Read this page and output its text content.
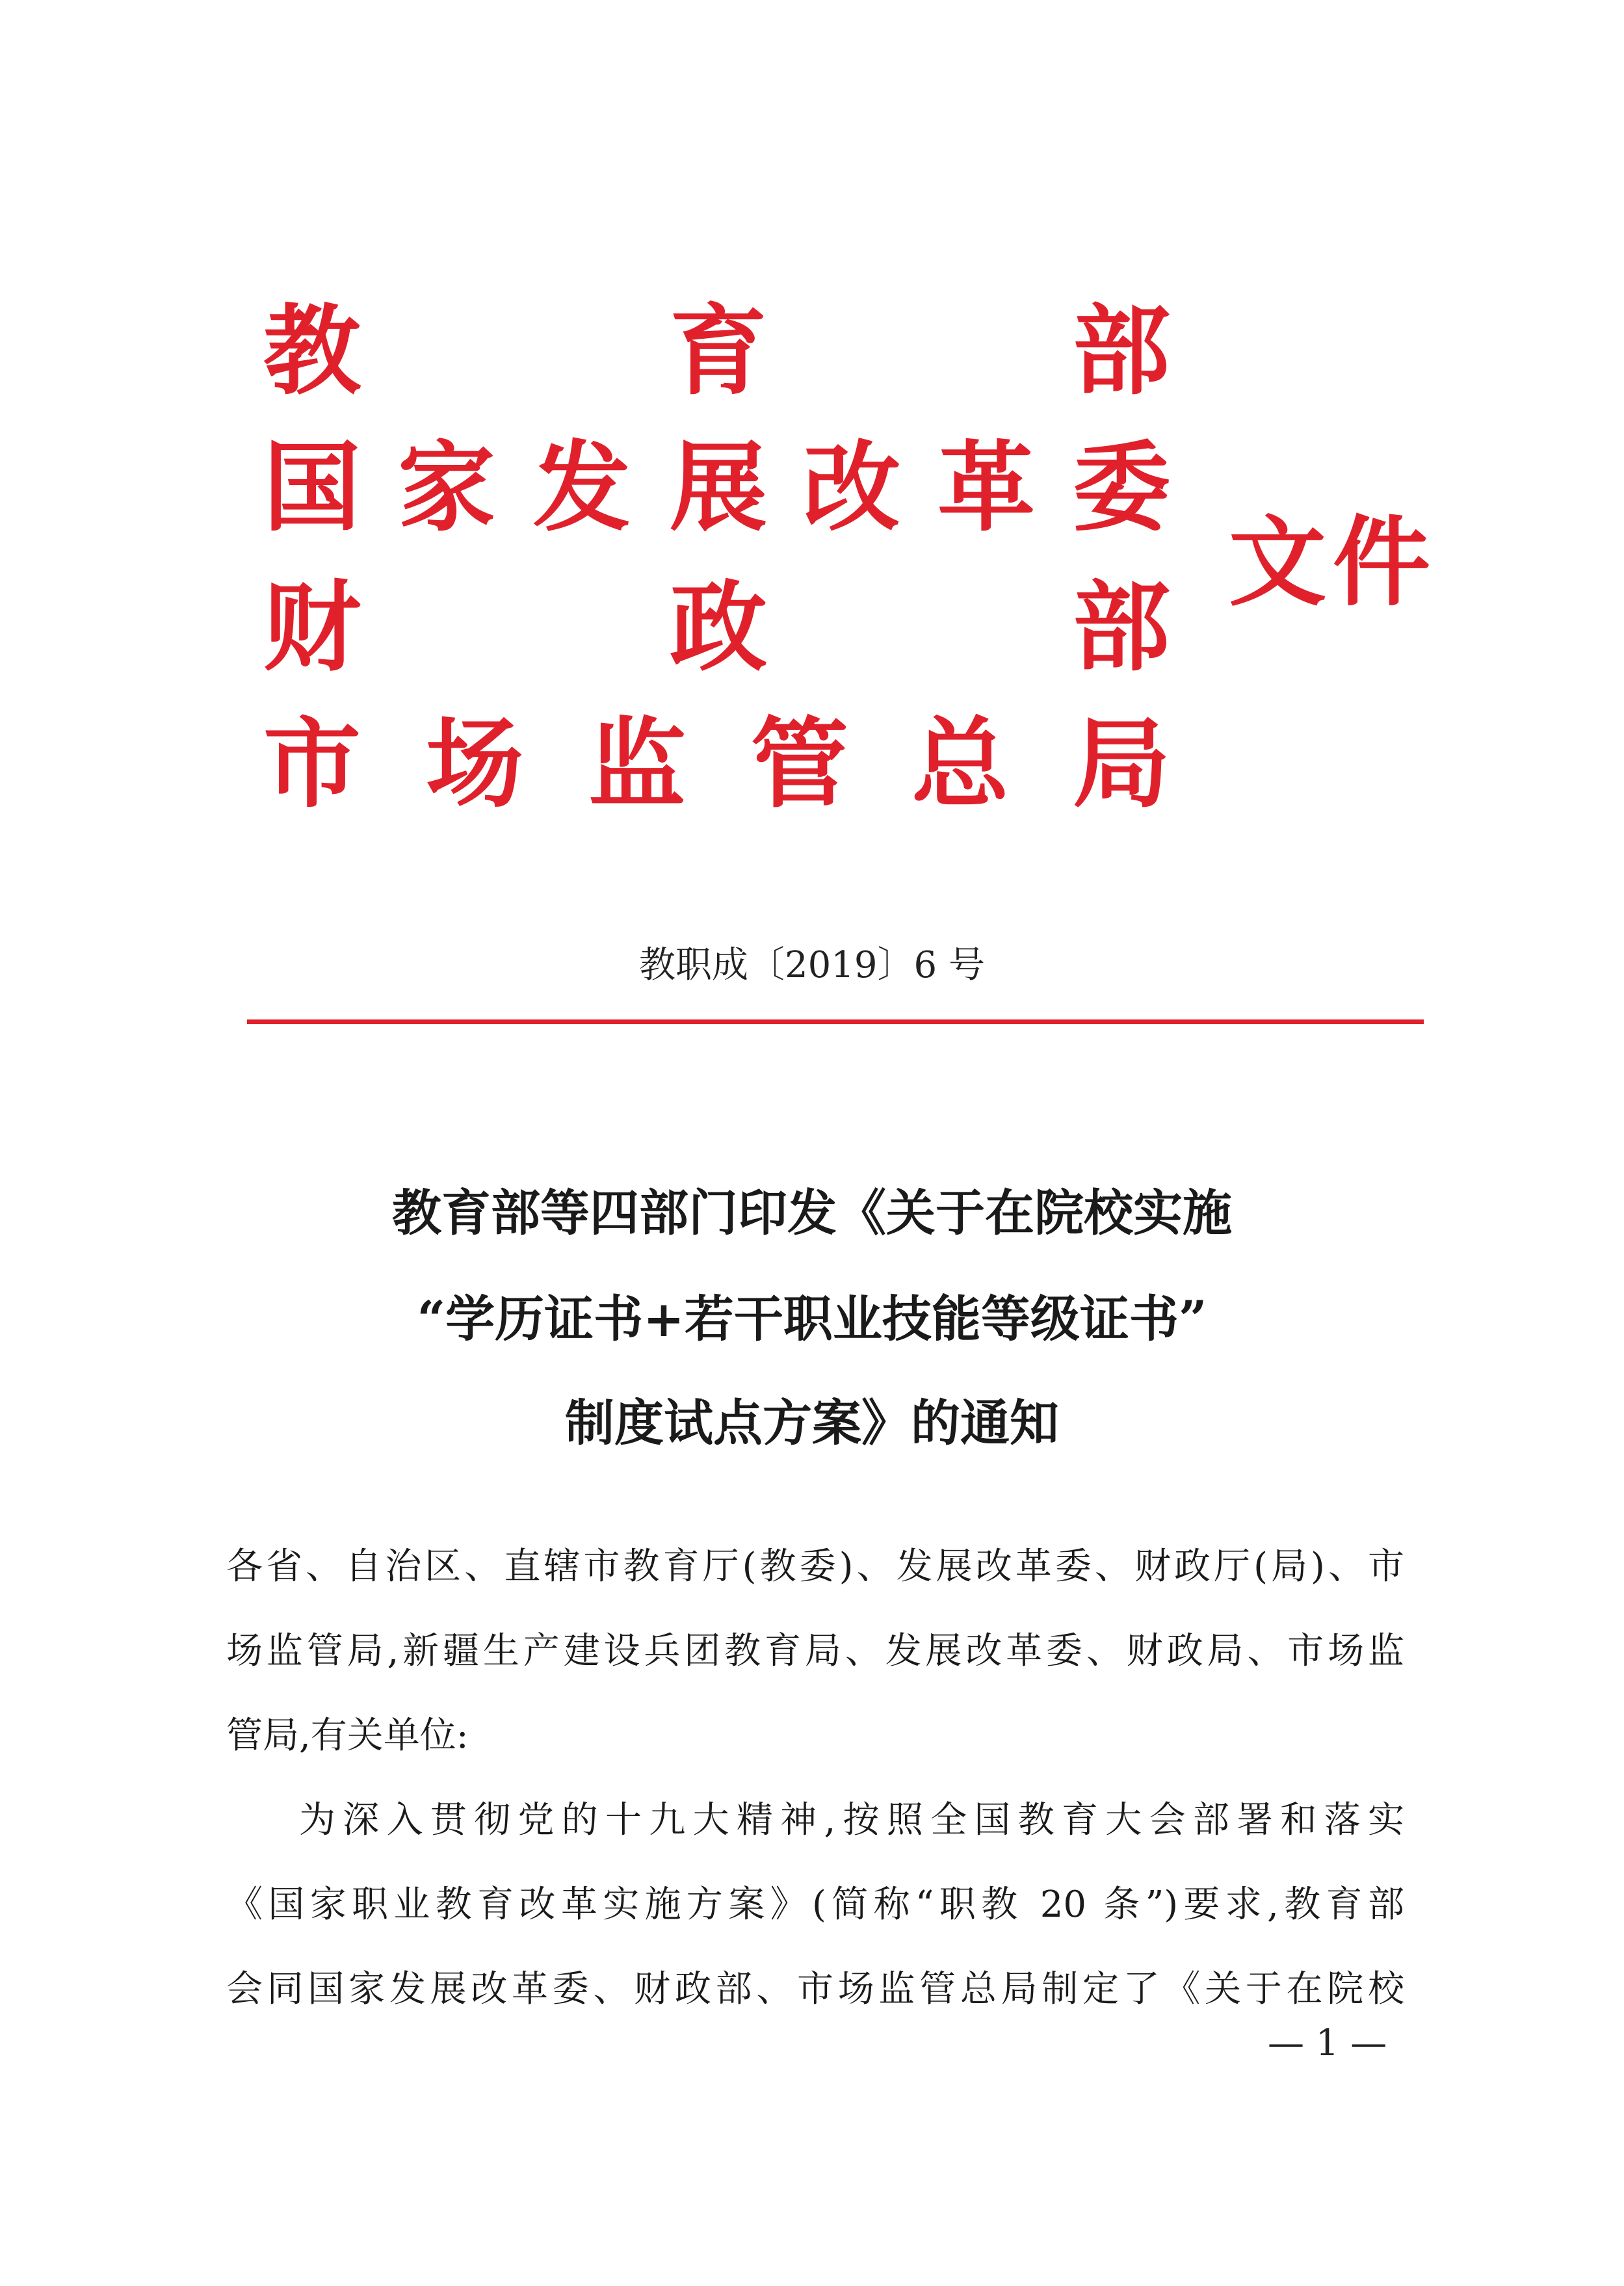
教	育	部
国 家 发 展 改 革 委
财	政	部
市 场 监 管 总 局
文件
教职成〔2019〕6 号
教育部等四部门印发《关于在院校实施
“学历证书+若干职业技能等级证书”
制度试点方案》的通知
各省、自治区、直辖市教育厅(教委)、发展改革委、财政厅(局)、市
场监管局,新疆生产建设兵团教育局、发展改革委、财政局、市场监
管局,有关单位:
为深入贯彻党的十九大精神,按照全国教育大会部署和落实
《国家职业教育改革实施方案》(简称“职教 20 条”)要求,教育部
会同国家发展改革委、财政部、市场监管总局制定了《关于在院校
— 1 —
